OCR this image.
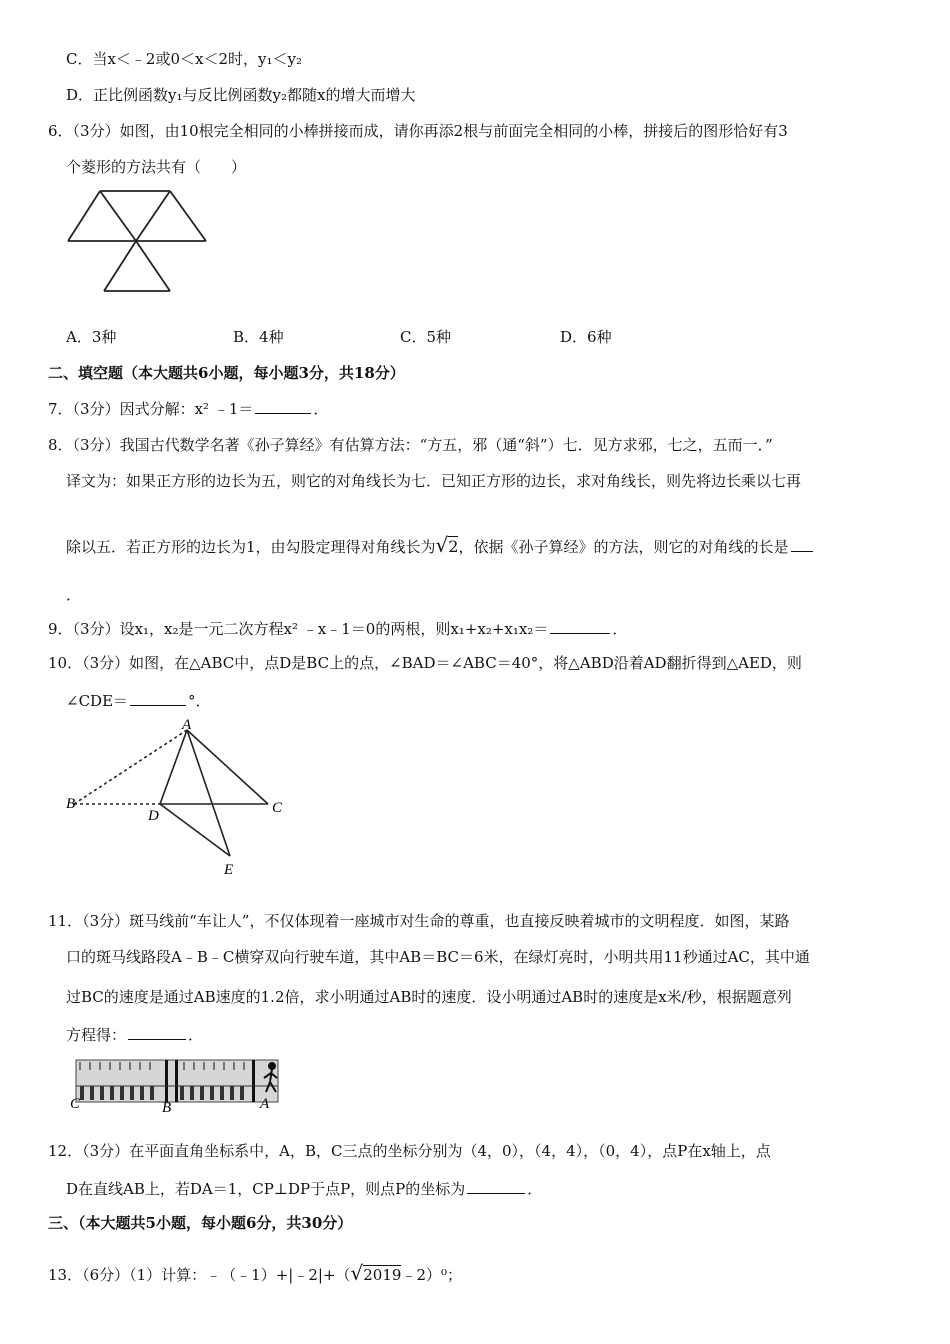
C．当x＜﹣2或0＜x＜2时，y₁＜y₂
D．正比例函数y₁与反比例函数y₂都随x的增大而增大
6．（3分）如图，由10根完全相同的小棒拼接而成，请你再添2根与前面完全相同的小棒，拼接后的图形恰好有3
个菱形的方法共有（　　）
A．3种	B．4种	C．5种	D．6种
二、填空题（本大题共6小题，每小题3分，共18分）
7．（3分）因式分解：x² ﹣1＝	．
8．（3分）我国古代数学名著《孙子算经》有估算方法：“方五，邪（通“斜”）七．见方求邪，七之，五而一．”
译文为：如果正方形的边长为五，则它的对角线长为七．已知正方形的边长，求对角线长，则先将边长乘以七再
除以五．若正方形的边长为1，由勾股定理得对角线长为√2，依据《孙子算经》的方法，则它的对角线的长是
．
9．（3分）设x₁，x₂是一元二次方程x² ﹣x﹣1＝0的两根，则x₁+x₂+x₁x₂＝	．
10．（3分）如图，在△ABC中，点D是BC上的点，∠BAD＝∠ABC＝40°，将△ABD沿着AD翻折得到△AED，则
∠CDE＝	°．
A
B	C
D
E
11．（3分）斑马线前“车让人”，不仅体现着一座城市对生命的尊重，也直接反映着城市的文明程度．如图，某路
口的斑马线路段A﹣B﹣C横穿双向行驶车道，其中AB＝BC＝6米，在绿灯亮时，小明共用11秒通过AC，其中通
过BC的速度是通过AB速度的1.2倍，求小明通过AB时的速度．设小明通过AB时的速度是x米/秒，根据题意列
方程得：	．
C	B	A
12．（3分）在平面直角坐标系中，A，B，C三点的坐标分别为（4，0），（4，4），（0，4），点P在x轴上，点
D在直线AB上，若DA＝1，CP⊥DP于点P，则点P的坐标为	．
三、（本大题共5小题，每小题6分，共30分）
13．（6分）（1）计算：﹣（﹣1）+|﹣2|+（√2019﹣2）⁰；
